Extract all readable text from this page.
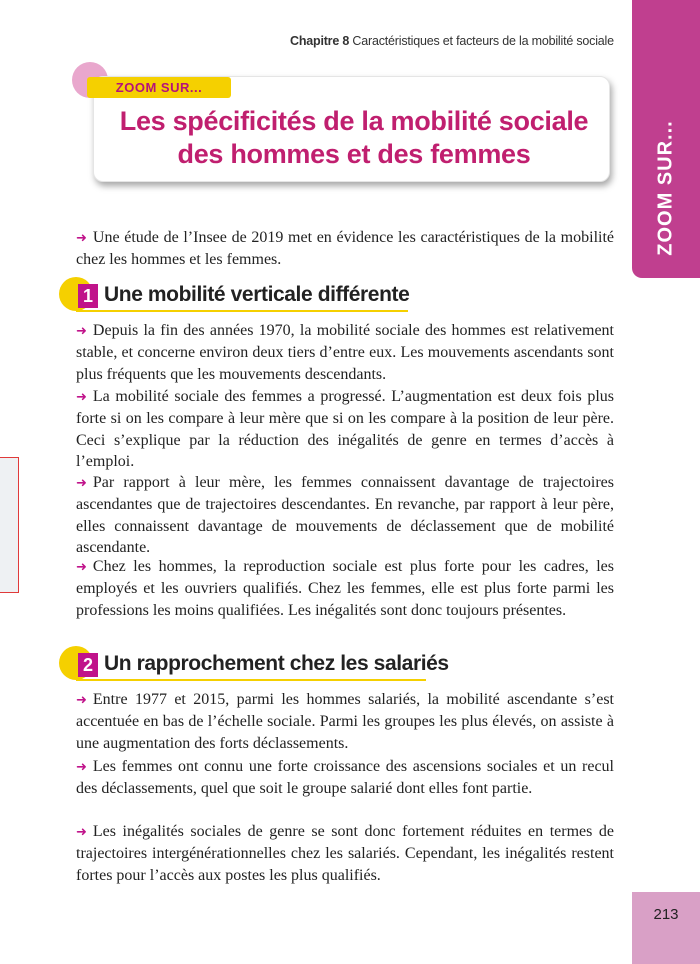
Chapitre 8 Caractéristiques et facteurs de la mobilité sociale
ZOOM SUR...
213
ZOOM SUR...
Les spécificités de la mobilité sociale
des hommes et des femmes
➜ Une étude de l’Insee de 2019 met en évidence les caractéristiques de la mobilité chez les hommes et les femmes.
1 Une mobilité verticale différente
➜ Depuis la fin des années 1970, la mobilité sociale des hommes est relativement stable, et concerne environ deux tiers d’entre eux. Les mouvements ascendants sont plus fréquents que les mouvements descendants.
➜ La mobilité sociale des femmes a progressé. L’augmentation est deux fois plus forte si on les compare à leur mère que si on les compare à la position de leur père. Ceci s’explique par la réduction des inégalités de genre en termes d’accès à l’emploi.
➜ Par rapport à leur mère, les femmes connaissent davantage de trajectoires ascendantes que de trajectoires descendantes. En revanche, par rapport à leur père, elles connaissent davantage de mouvements de déclassement que de mobilité ascendante.
➜ Chez les hommes, la reproduction sociale est plus forte pour les cadres, les employés et les ouvriers qualifiés. Chez les femmes, elle est plus forte parmi les professions les moins qualifiées. Les inégalités sont donc toujours présentes.
2 Un rapprochement chez les salariés
➜ Entre 1977 et 2015, parmi les hommes salariés, la mobilité ascendante s’est accentuée en bas de l’échelle sociale. Parmi les groupes les plus élevés, on assiste à une augmentation des forts déclassements.
➜ Les femmes ont connu une forte croissance des ascensions sociales et un recul des déclassements, quel que soit le groupe salarié dont elles font partie.
➜ Les inégalités sociales de genre se sont donc fortement réduites en termes de trajectoires intergénérationnelles chez les salariés. Cependant, les inégalités restent fortes pour l’accès aux postes les plus qualifiés.
